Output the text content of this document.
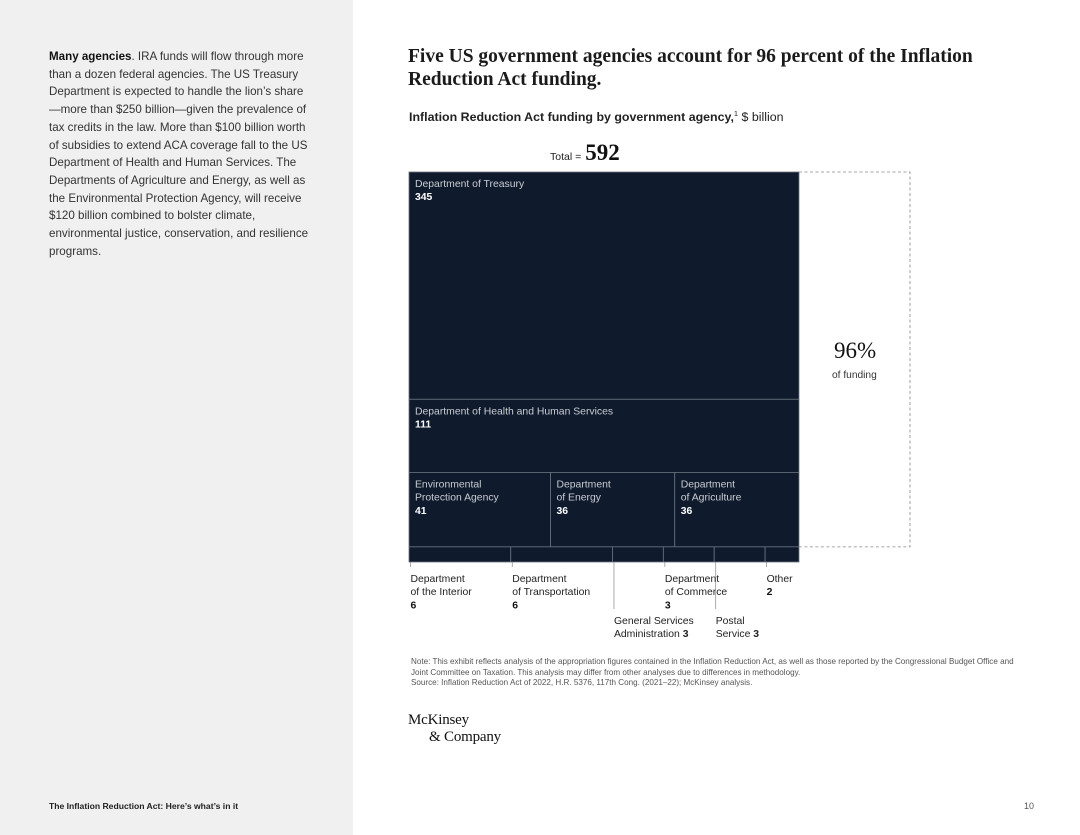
Many agencies. IRA funds will flow through more than a dozen federal agencies. The US Treasury Department is expected to handle the lion’s share—more than $250 billion—given the prevalence of tax credits in the law. More than $100 billion worth of subsidies to extend ACA coverage fall to the US Department of Health and Human Services. The Departments of Agriculture and Energy, as well as the Environmental Protection Agency, will receive $120 billion combined to bolster climate, environmental justice, conservation, and resilience programs.

The Inflation Reduction Act: Here’s what’s in it	10
Five US government agencies account for 96 percent of the Inflation Reduction Act funding.
Inflation Reduction Act funding by government agency,$^1$ $ billion
Total = 592
Department of Treasury
345
Department of Health and Human Services
111
Environmental
Protection Agency
41
Department
of Energy
36
Department
of Agriculture
36
Department
of the Interior
6
Department
of Transportation
6
General Services
Administration 3
Department
of Commerce
3
Postal
Service 3
Other
2
96%
of funding
Note: This exhibit reflects analysis of the appropriation figures contained in the Inflation Reduction Act, as well as those reported by the Congressional Budget Office and Joint Committee on Taxation. This analysis may differ from other analyses due to differences in methodology.
Source: Inflation Reduction Act of 2022, H.R. 5376, 117th Cong. (2021–22); McKinsey analysis.
McKinsey
& Company
